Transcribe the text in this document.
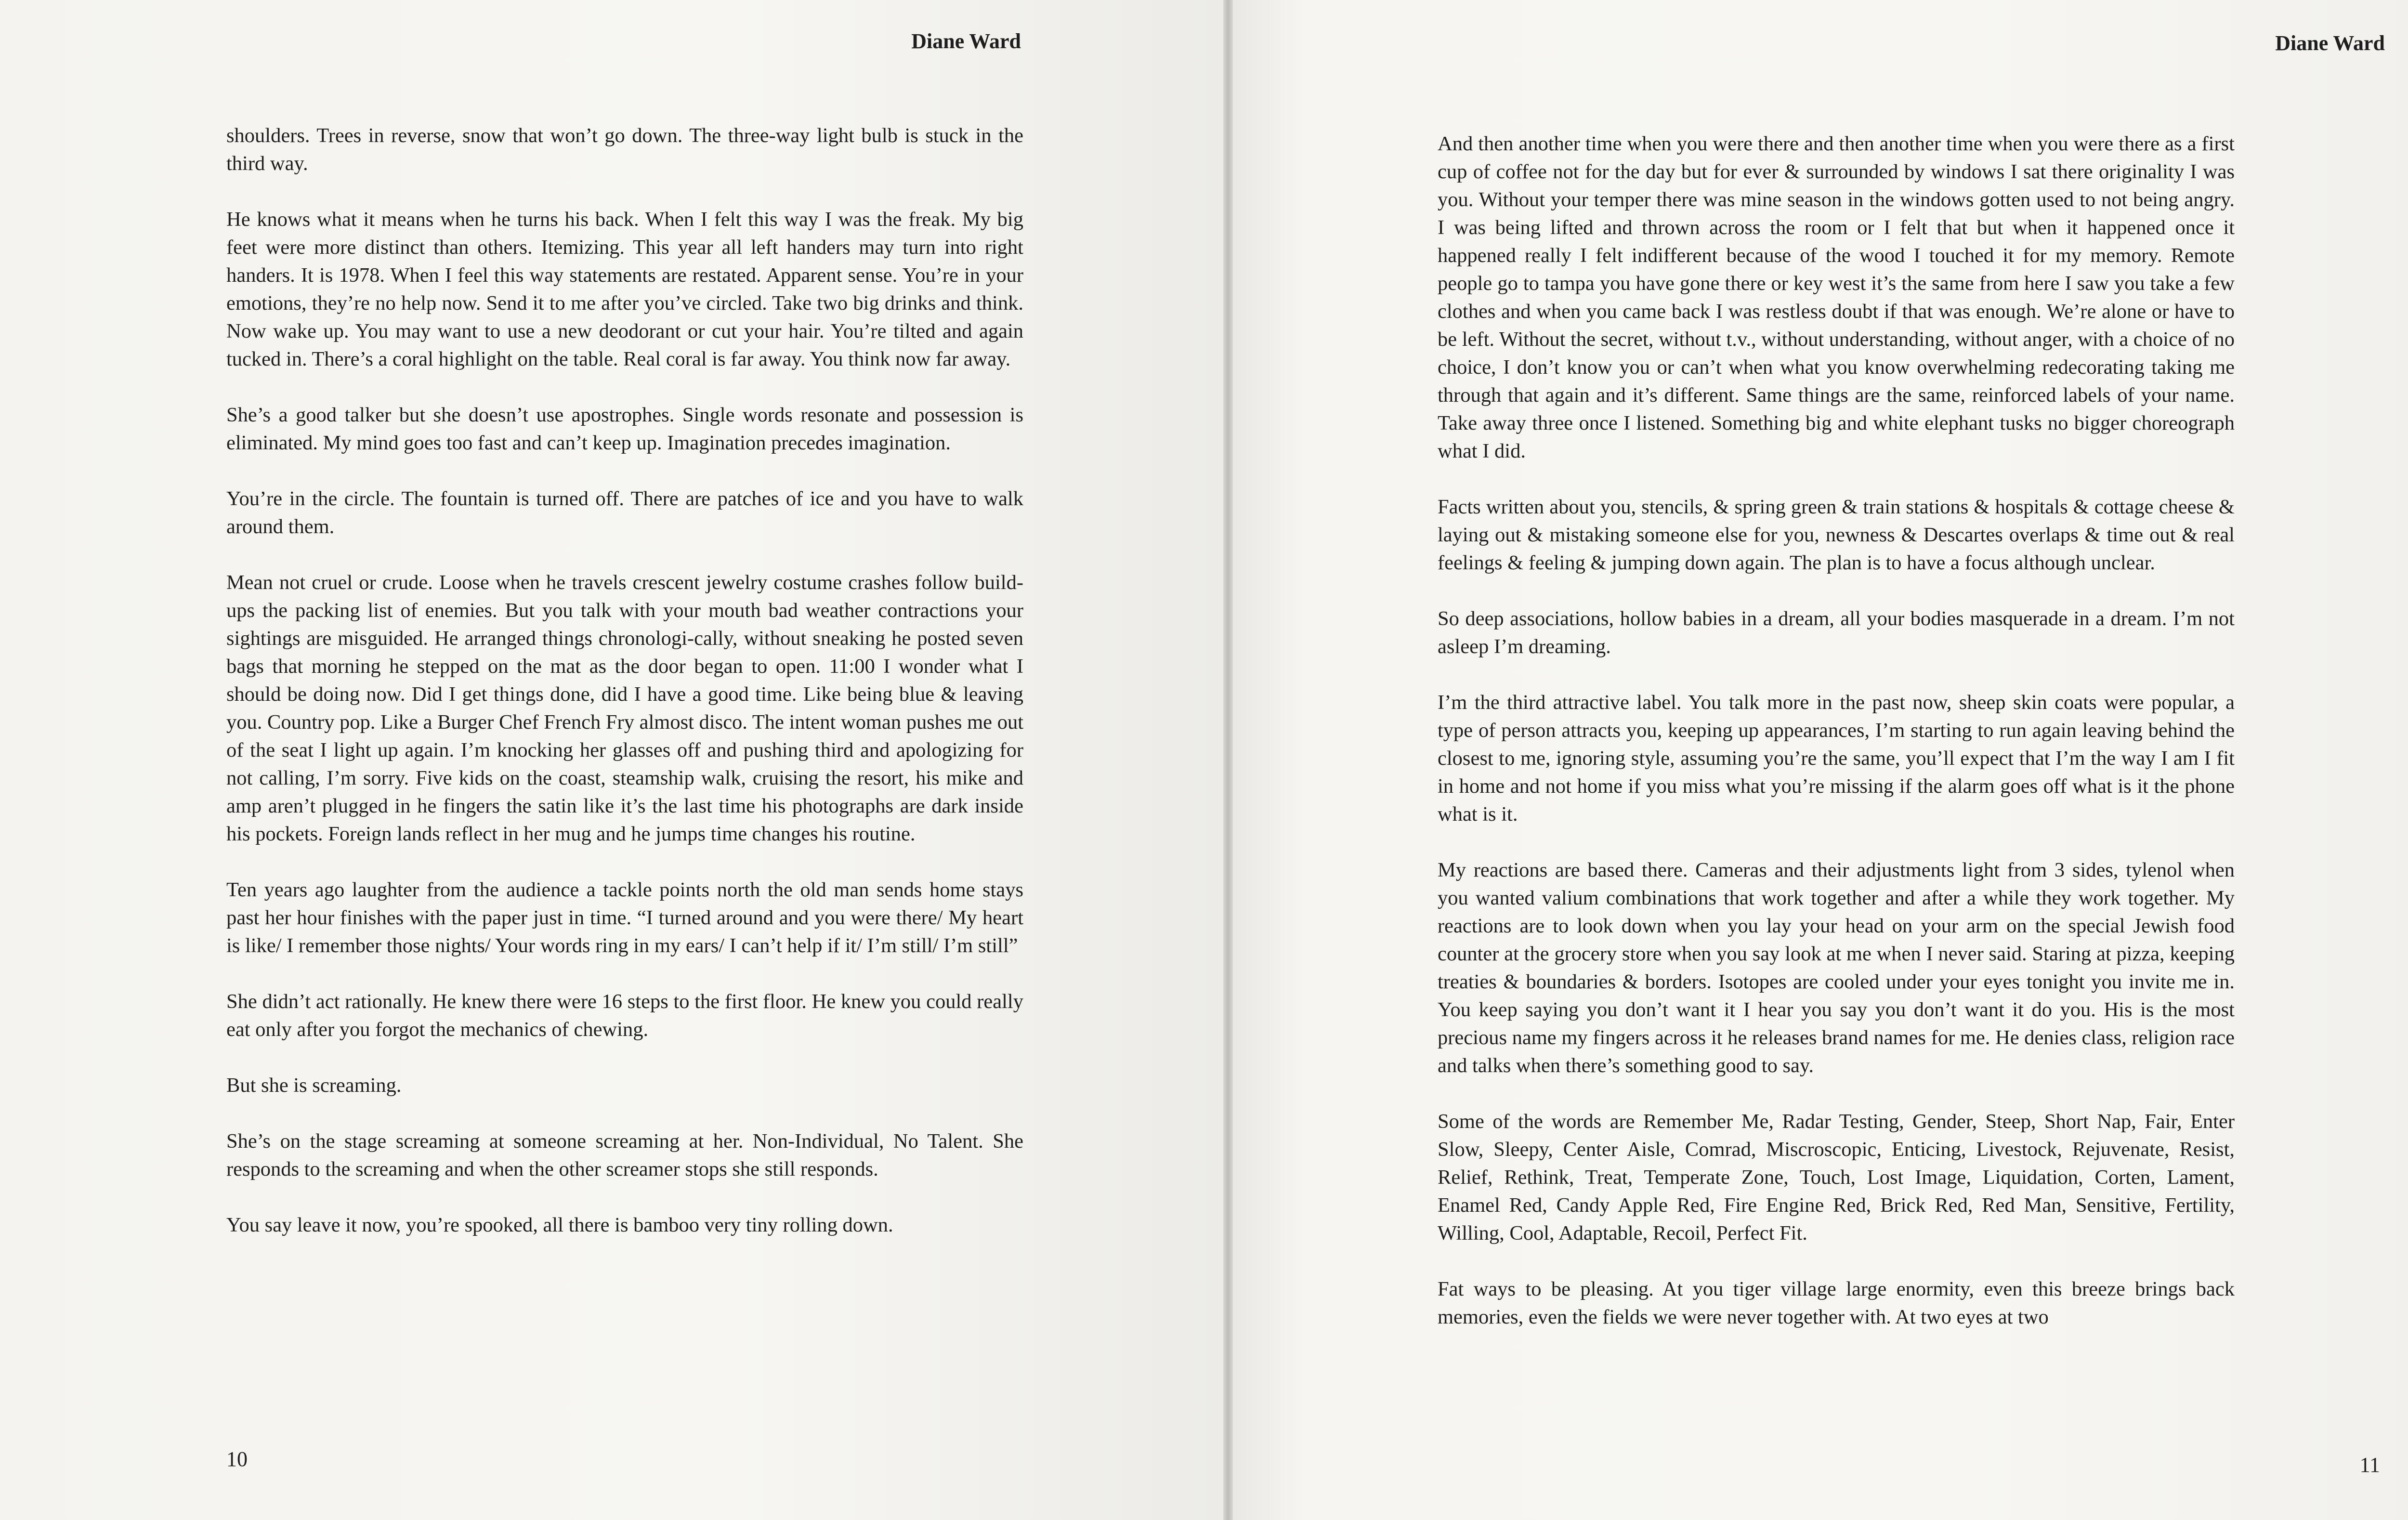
Diane Ward

shoulders. Trees in reverse, snow that won’t go down. The three-way light bulb is stuck in the third way.

He knows what it means when he turns his back. When I felt this way I was the freak. My big feet were more distinct than others. Itemizing. This year all left handers may turn into right handers. It is 1978. When I feel this way statements are restated. Apparent sense. You’re in your emotions, they’re no help now. Send it to me after you’ve circled. Take two big drinks and think. Now wake up. You may want to use a new deodorant or cut your hair. You’re tilted and again tucked in. There’s a coral highlight on the table. Real coral is far away. You think now far away.

She’s a good talker but she doesn’t use apostrophes. Single words resonate and possession is eliminated. My mind goes too fast and can’t keep up. Imagination precedes imagination.

You’re in the circle. The fountain is turned off. There are patches of ice and you have to walk around them.

Mean not cruel or crude. Loose when he travels crescent jewelry costume crashes follow build-ups the packing list of enemies. But you talk with your mouth bad weather contractions your sightings are misguided. He arranged things chronologi-cally, without sneaking he posted seven bags that morning he stepped on the mat as the door began to open. 11:00 I wonder what I should be doing now. Did I get things done, did I have a good time. Like being blue & leaving you. Country pop. Like a Burger Chef French Fry almost disco. The intent woman pushes me out of the seat I light up again. I’m knocking her glasses off and pushing third and apologizing for not calling, I’m sorry. Five kids on the coast, steamship walk, cruising the resort, his mike and amp aren’t plugged in he fingers the satin like it’s the last time his photographs are dark inside his pockets. Foreign lands reflect in her mug and he jumps time changes his routine.

Ten years ago laughter from the audience a tackle points north the old man sends home stays past her hour finishes with the paper just in time. “I turned around and you were there/ My heart is like/ I remember those nights/ Your words ring in my ears/ I can’t help if it/ I’m still/ I’m still”

She didn’t act rationally. He knew there were 16 steps to the first floor. He knew you could really eat only after you forgot the mechanics of chewing.

But she is screaming.

She’s on the stage screaming at someone screaming at her. Non-Individual, No Talent. She responds to the screaming and when the other screamer stops she still responds.

You say leave it now, you’re spooked, all there is bamboo very tiny rolling down.

10
Diane Ward

And then another time when you were there and then another time when you were there as a first cup of coffee not for the day but for ever & surrounded by windows I sat there originality I was you. Without your temper there was mine season in the windows gotten used to not being angry. I was being lifted and thrown across the room or I felt that but when it happened once it happened really I felt indifferent because of the wood I touched it for my memory. Remote people go to tampa you have gone there or key west it’s the same from here I saw you take a few clothes and when you came back I was restless doubt if that was enough. We’re alone or have to be left. Without the secret, without t.v., without understanding, without anger, with a choice of no choice, I don’t know you or can’t when what you know overwhelming redecorating taking me through that again and it’s different. Same things are the same, reinforced labels of your name. Take away three once I listened. Something big and white elephant tusks no bigger choreograph what I did.

Facts written about you, stencils, & spring green & train stations & hospitals & cottage cheese & laying out & mistaking someone else for you, newness & Descartes overlaps & time out & real feelings & feeling & jumping down again. The plan is to have a focus although unclear.

So deep associations, hollow babies in a dream, all your bodies masquerade in a dream. I’m not asleep I’m dreaming.

I’m the third attractive label. You talk more in the past now, sheep skin coats were popular, a type of person attracts you, keeping up appearances, I’m starting to run again leaving behind the closest to me, ignoring style, assuming you’re the same, you’ll expect that I’m the way I am I fit in home and not home if you miss what you’re missing if the alarm goes off what is it the phone what is it.

My reactions are based there. Cameras and their adjustments light from 3 sides, tylenol when you wanted valium combinations that work together and after a while they work together. My reactions are to look down when you lay your head on your arm on the special Jewish food counter at the grocery store when you say look at me when I never said. Staring at pizza, keeping treaties & boundaries & borders. Isotopes are cooled under your eyes tonight you invite me in. You keep saying you don’t want it I hear you say you don’t want it do you. His is the most precious name my fingers across it he releases brand names for me. He denies class, religion race and talks when there’s something good to say.

Some of the words are Remember Me, Radar Testing, Gender, Steep, Short Nap, Fair, Enter Slow, Sleepy, Center Aisle, Comrad, Miscroscopic, Enticing, Livestock, Rejuvenate, Resist, Relief, Rethink, Treat, Temperate Zone, Touch, Lost Image, Liquidation, Corten, Lament, Enamel Red, Candy Apple Red, Fire Engine Red, Brick Red, Red Man, Sensitive, Fertility, Willing, Cool, Adaptable, Recoil, Perfect Fit.

Fat ways to be pleasing. At you tiger village large enormity, even this breeze brings back memories, even the fields we were never together with. At two eyes at two

11
